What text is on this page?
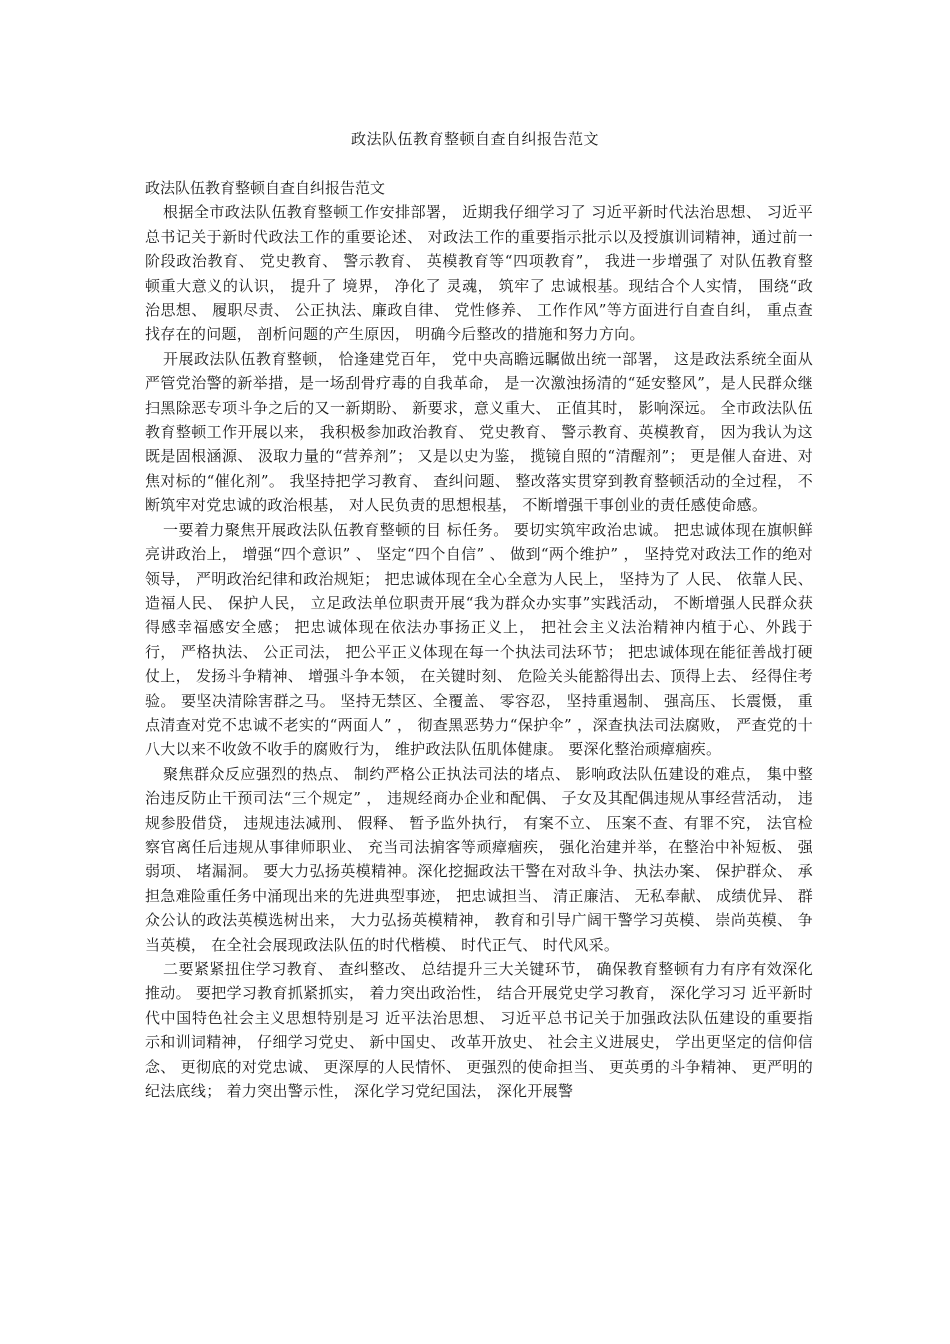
政法队伍教育整顿自查自纠报告范文

政法队伍教育整顿自查自纠报告范文

根据全市政法队伍教育整顿工作安排部署， 近期我仔细学习了 习近平新时代法治思想、 习近平总书记关于新时代政法工作的重要论述、 对政法工作的重要指示批示以及授旗训词精神，通过前一阶段政治教育、 党史教育、 警示教育、 英模教育等“四项教育”， 我进一步增强了 对队伍教育整顿重大意义的认识， 提升了 境界， 净化了 灵魂， 筑牢了 忠诚根基。现结合个人实情， 围绕“政治思想、 履职尽责、 公正执法、廉政自律、 党性修养、 工作作风”等方面进行自查自纠， 重点查找存在的问题， 剖析问题的产生原因， 明确今后整改的措施和努力方向。

开展政法队伍教育整顿， 恰逢建党百年， 党中央高瞻远瞩做出统一部署， 这是政法系统全面从严管党治警的新举措，是一场刮骨疗毒的自我革命， 是一次激浊扬清的“延安整风”，是人民群众继扫黑除恶专项斗争之后的又一新期盼、 新要求，意义重大、 正值其时， 影响深远。 全市政法队伍教育整顿工作开展以来， 我积极参加政治教育、 党史教育、 警示教育、英模教育， 因为我认为这既是固根涵源、 汲取力量的“营养剂”； 又是以史为鉴， 揽镜自照的“清醒剂”； 更是催人奋进、对焦对标的“催化剂”。 我坚持把学习教育、 查纠问题、 整改落实贯穿到教育整顿活动的全过程， 不断筑牢对党忠诚的政治根基， 对人民负责的思想根基， 不断增强干事创业的责任感使命感。

一要着力聚焦开展政法队伍教育整顿的目 标任务。 要切实筑牢政治忠诚。 把忠诚体现在旗帜鲜亮讲政治上， 增强“四个意识” 、 坚定“四个自信” 、 做到“两个维护” ， 坚持党对政法工作的绝对领导， 严明政治纪律和政治规矩； 把忠诚体现在全心全意为人民上， 坚持为了 人民、 依靠人民、 造福人民、 保护人民， 立足政法单位职责开展“我为群众办实事”实践活动， 不断增强人民群众获得感幸福感安全感； 把忠诚体现在依法办事扬正义上， 把社会主义法治精神内植于心、外践于行， 严格执法、 公正司法， 把公平正义体现在每一个执法司法环节； 把忠诚体现在能征善战打硬仗上， 发扬斗争精神、 增强斗争本领， 在关键时刻、 危险关头能豁得出去、顶得上去、 经得住考验。 要坚决清除害群之马。 坚持无禁区、全覆盖、 零容忍， 坚持重遏制、 强高压、 长震慑， 重点清查对党不忠诚不老实的“两面人” ， 彻查黑恶势力“保护伞” ，深查执法司法腐败， 严查党的十八大以来不收敛不收手的腐败行为， 维护政法队伍肌体健康。 要深化整治顽瘴痼疾。

聚焦群众反应强烈的热点、 制约严格公正执法司法的堵点、 影响政法队伍建设的难点， 集中整治违反防止干预司法“三个规定” ， 违规经商办企业和配偶、 子女及其配偶违规从事经营活动， 违规参股借贷， 违规违法减刑、 假释、 暂予监外执行， 有案不立、 压案不查、有罪不究， 法官检察官离任后违规从事律师职业、 充当司法掮客等顽瘴痼疾， 强化治建并举，在整治中补短板、 强弱项、 堵漏洞。 要大力弘扬英模精神。深化挖掘政法干警在对敌斗争、执法办案、 保护群众、 承担急难险重任务中涌现出来的先进典型事迹， 把忠诚担当、 清正廉洁、 无私奉献、 成绩优异、 群众公认的政法英模选树出来， 大力弘扬英模精神， 教育和引导广阔干警学习英模、 崇尚英模、 争当英模， 在全社会展现政法队伍的时代楷模、 时代正气、 时代风采。

二要紧紧扭住学习教育、 查纠整改、 总结提升三大关键环节， 确保教育整顿有力有序有效深化推动。 要把学习教育抓紧抓实， 着力突出政治性， 结合开展党史学习教育， 深化学习习 近平新时代中国特色社会主义思想特别是习 近平法治思想、 习近平总书记关于加强政法队伍建设的重要指示和训词精神， 仔细学习党史、 新中国史、 改革开放史、 社会主义进展史， 学出更坚定的信仰信念、 更彻底的对党忠诚、 更深厚的人民情怀、 更强烈的使命担当、 更英勇的斗争精神、 更严明的纪法底线； 着力突出警示性， 深化学习党纪国法， 深化开展警
